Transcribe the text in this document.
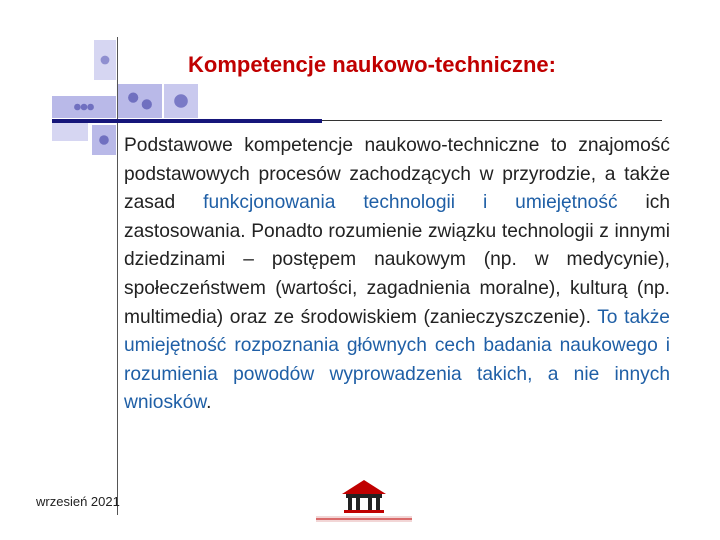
Kompetencje naukowo-techniczne:
Podstawowe kompetencje naukowo-techniczne to znajomość podstawowych procesów zachodzących w przyrodzie, a także zasad funkcjonowania technologii i umiejętność ich zastosowania. Ponadto rozumienie związku technologii z innymi dziedzinami – postępem naukowym (np. w medycynie), społeczeństwem (wartości, zagadnienia moralne), kulturą (np. multimedia) oraz ze środowiskiem (zanieczyszczenie). To także umiejętność rozpoznania głównych cech badania naukowego i rozumienia powodów wyprowadzenia takich, a nie innych wniosków.
wrzesień 2021
